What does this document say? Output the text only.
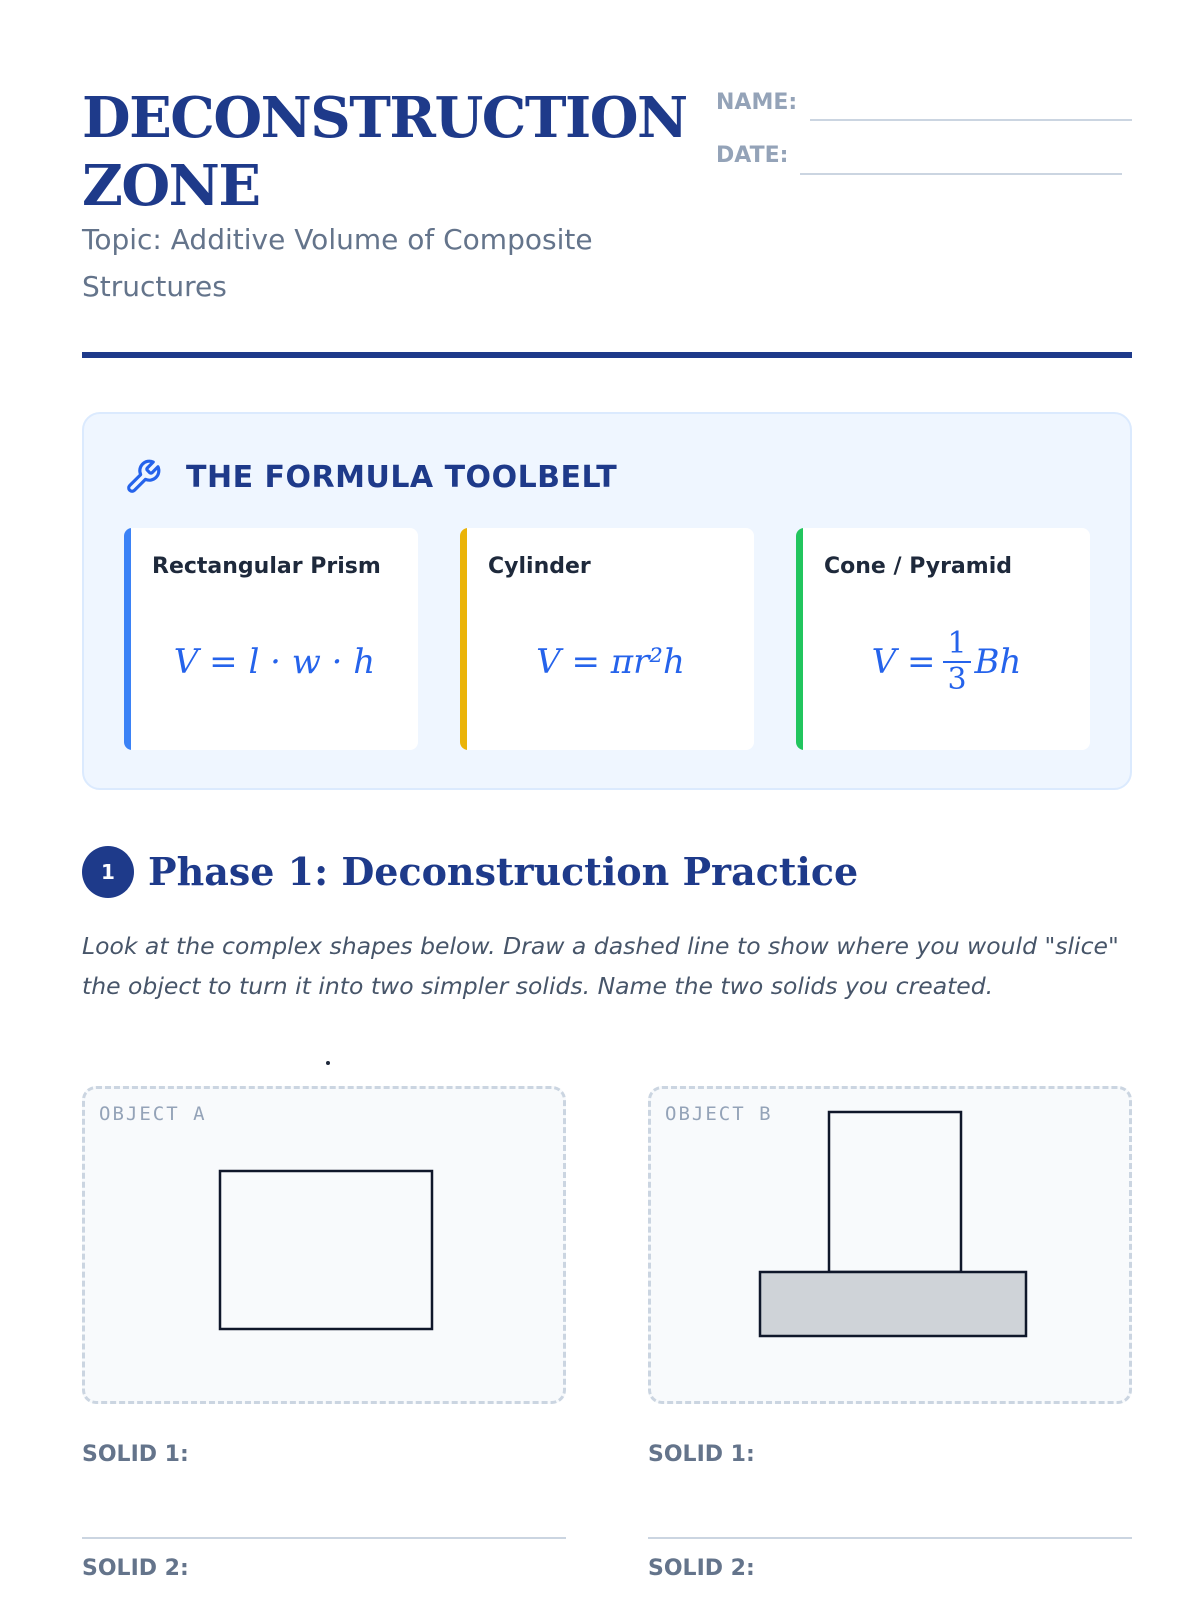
DECONSTRUCTION ZONE

Topic: Additive Volume of Composite Structures

NAME:
DATE:
THE FORMULA TOOLBELT
Rectangular Prism
V = l · w · h
Cylinder
V = πr²h
Cone / Pyramid
$V = \frac{1}{3}$ Bh
1 Phase 1: Deconstruction Practice

Look at the complex shapes below. Draw a dashed line to show where you would "slice" the object to turn it into two simpler solids. Name the two solids you created.

OBJECT A	OBJECT B
SOLID 1:
SOLID 2:
SOLID 1:
SOLID 2:
